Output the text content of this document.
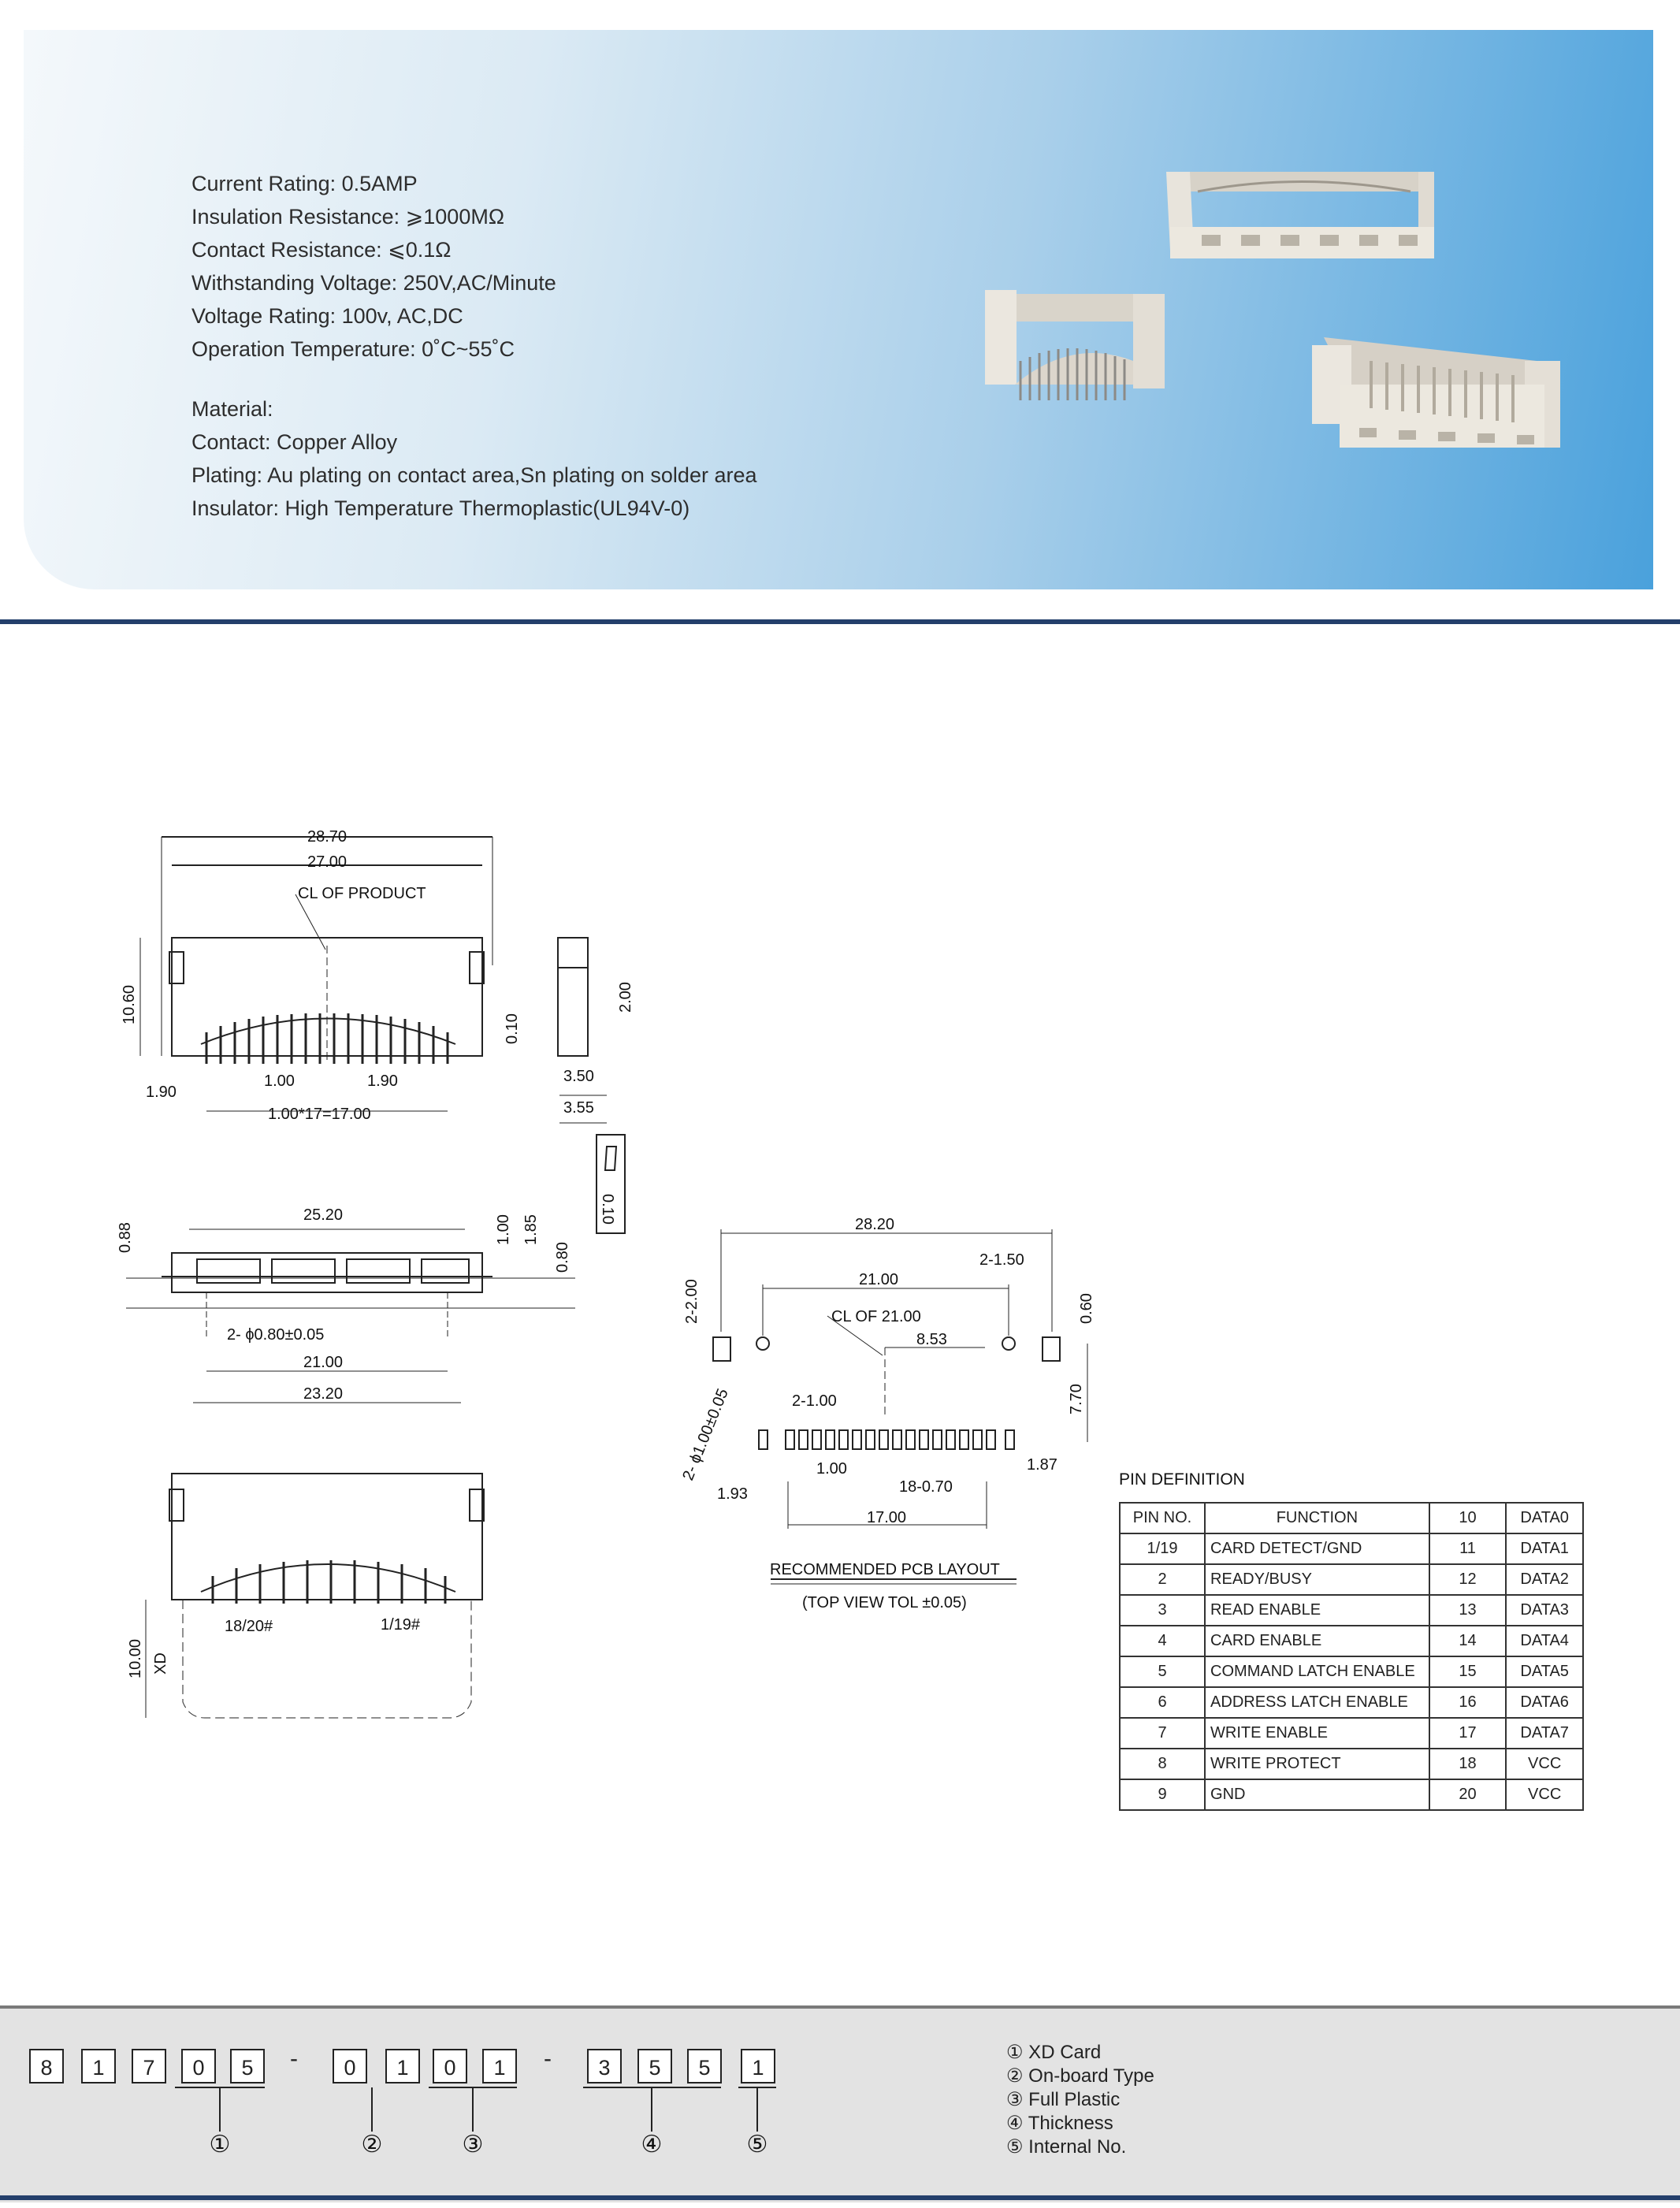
Current Rating: 0.5AMP
Insulation Resistance: ⩾1000MΩ
Contact Resistance: ⩽0.1Ω
Withstanding Voltage: 250V,AC/Minute
Voltage Rating: 100v, AC,DC
Operation Temperature: 0˚C~55˚C
Material:
Contact: Copper Alloy
Plating: Au plating on contact area,Sn plating on solder area
Insulator: High Temperature Thermoplastic(UL94V-0)
28.70
27.00
CL OF PRODUCT
10.60
0.10
1.00
1.90
1.90
1.00*17=17.00
2.00
3.50
3.55
0.10
25.20
0.88	1.00 1.85
0.80
2- ϕ0.80±0.05
21.00
23.20
10.00 XD
18/20#	1/19#
28.20
2-1.50
21.00
CL OF 21.00
8.53
0.60
2-2.00
7.70
2-1.00
2- ϕ1.00±0.05	1.00	1.87
18-0.70
1.93
17.00
RECOMMENDED PCB LAYOUT
(TOP VIEW TOL ±0.05)
PIN DEFINITION
PIN NO.	FUNCTION	10	DATA0
1/19	CARD DETECT/GND	11	DATA1
2	READY/BUSY	12	DATA2
3	READ ENABLE	13	DATA3
4	CARD ENABLE	14	DATA4
5	COMMAND LATCH ENABLE	15	DATA5
6	ADDRESS LATCH ENABLE	16	DATA6
7	WRITE ENABLE	17	DATA7
8	WRITE PROTECT	18	VCC
9	GND	20	VCC
8	1	7	0	5	-	0	1	0	1	-	3	5	5	1
①	②	③	④	⑤
① XD Card
② On-board Type
③ Full Plastic
④ Thickness
⑤ Internal No.
